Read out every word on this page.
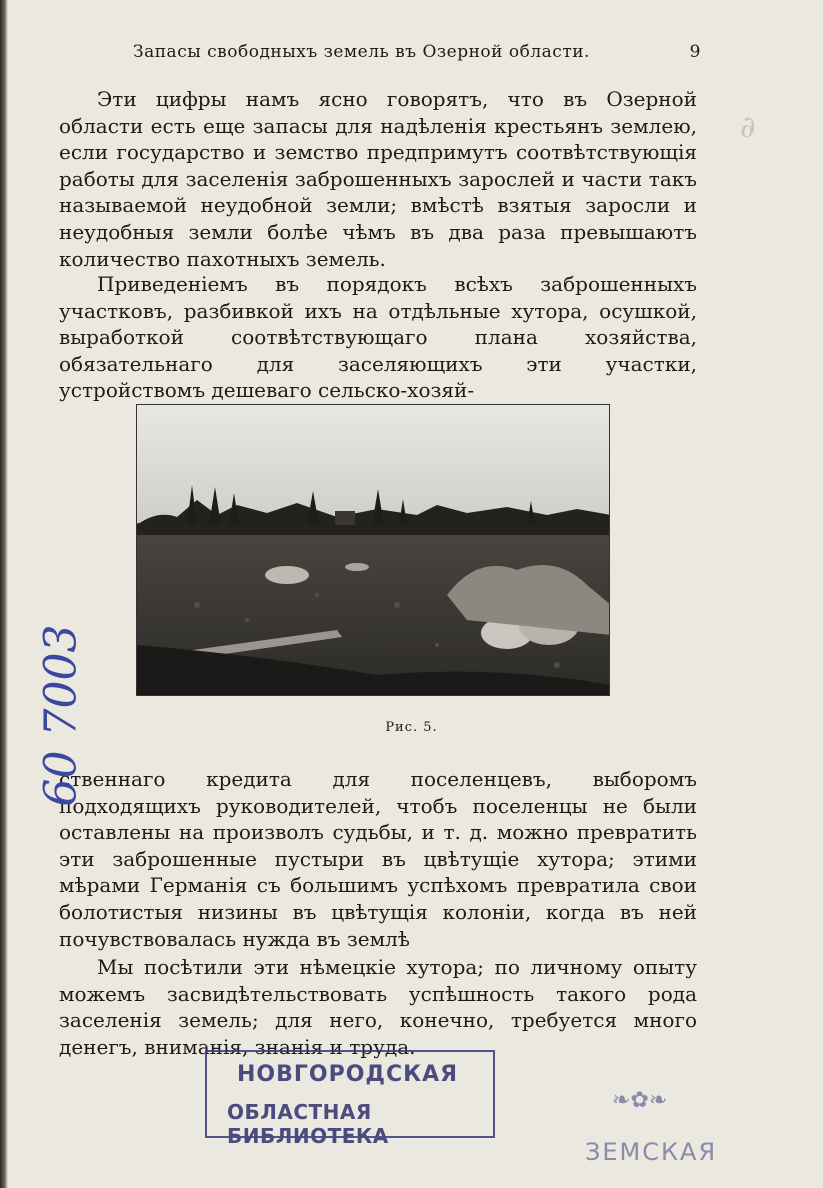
∂
Запасы свободныхъ земель въ Озерной области.	9

Эти цифры намъ ясно говорятъ, что въ Озерной области есть еще запасы для надѣленія крестьянъ землею, если государство и земство предпримутъ соотвѣтствующія работы для заселенія заброшенныхъ зарослей и части такъ называемой неудобной земли; вмѣстѣ взятыя заросли и неудобныя земли болѣе чѣмъ въ два раза превышаютъ количество пахотныхъ земель.

Приведеніемъ въ порядокъ всѣхъ заброшенныхъ участковъ, разбивкой ихъ на отдѣльные хутора, осушкой, выработкой соотвѣтствующаго плана хозяйства, обязательнаго для заселяющихъ эти участки, устройствомъ дешеваго сельско-хозяй-

Рис. 5.

ственнаго кредита для поселенцевъ, выборомъ подходящихъ руководителей, чтобъ поселенцы не были оставлены на произволъ судьбы, и т. д. можно превратить эти заброшенные пустыри въ цвѣтущіе хутора; этими мѣрами Германія съ большимъ успѣхомъ превратила свои болотистыя низины въ цвѣтущія колоніи, когда въ ней почувствовалась нужда въ землѣ

Мы посѣтили эти нѣмецкіе хутора; по личному опыту можемъ засвидѣтельствовать успѣшность такого рода заселенія земель; для него, конечно, требуется много денегъ, вниманія, знанія и труда.

60 7003
НОВГОРОДСКАЯ
ОБЛАСТНАЯ БИБЛИОТЕКА
❧✿❧
ЗЕМСКАЯ
